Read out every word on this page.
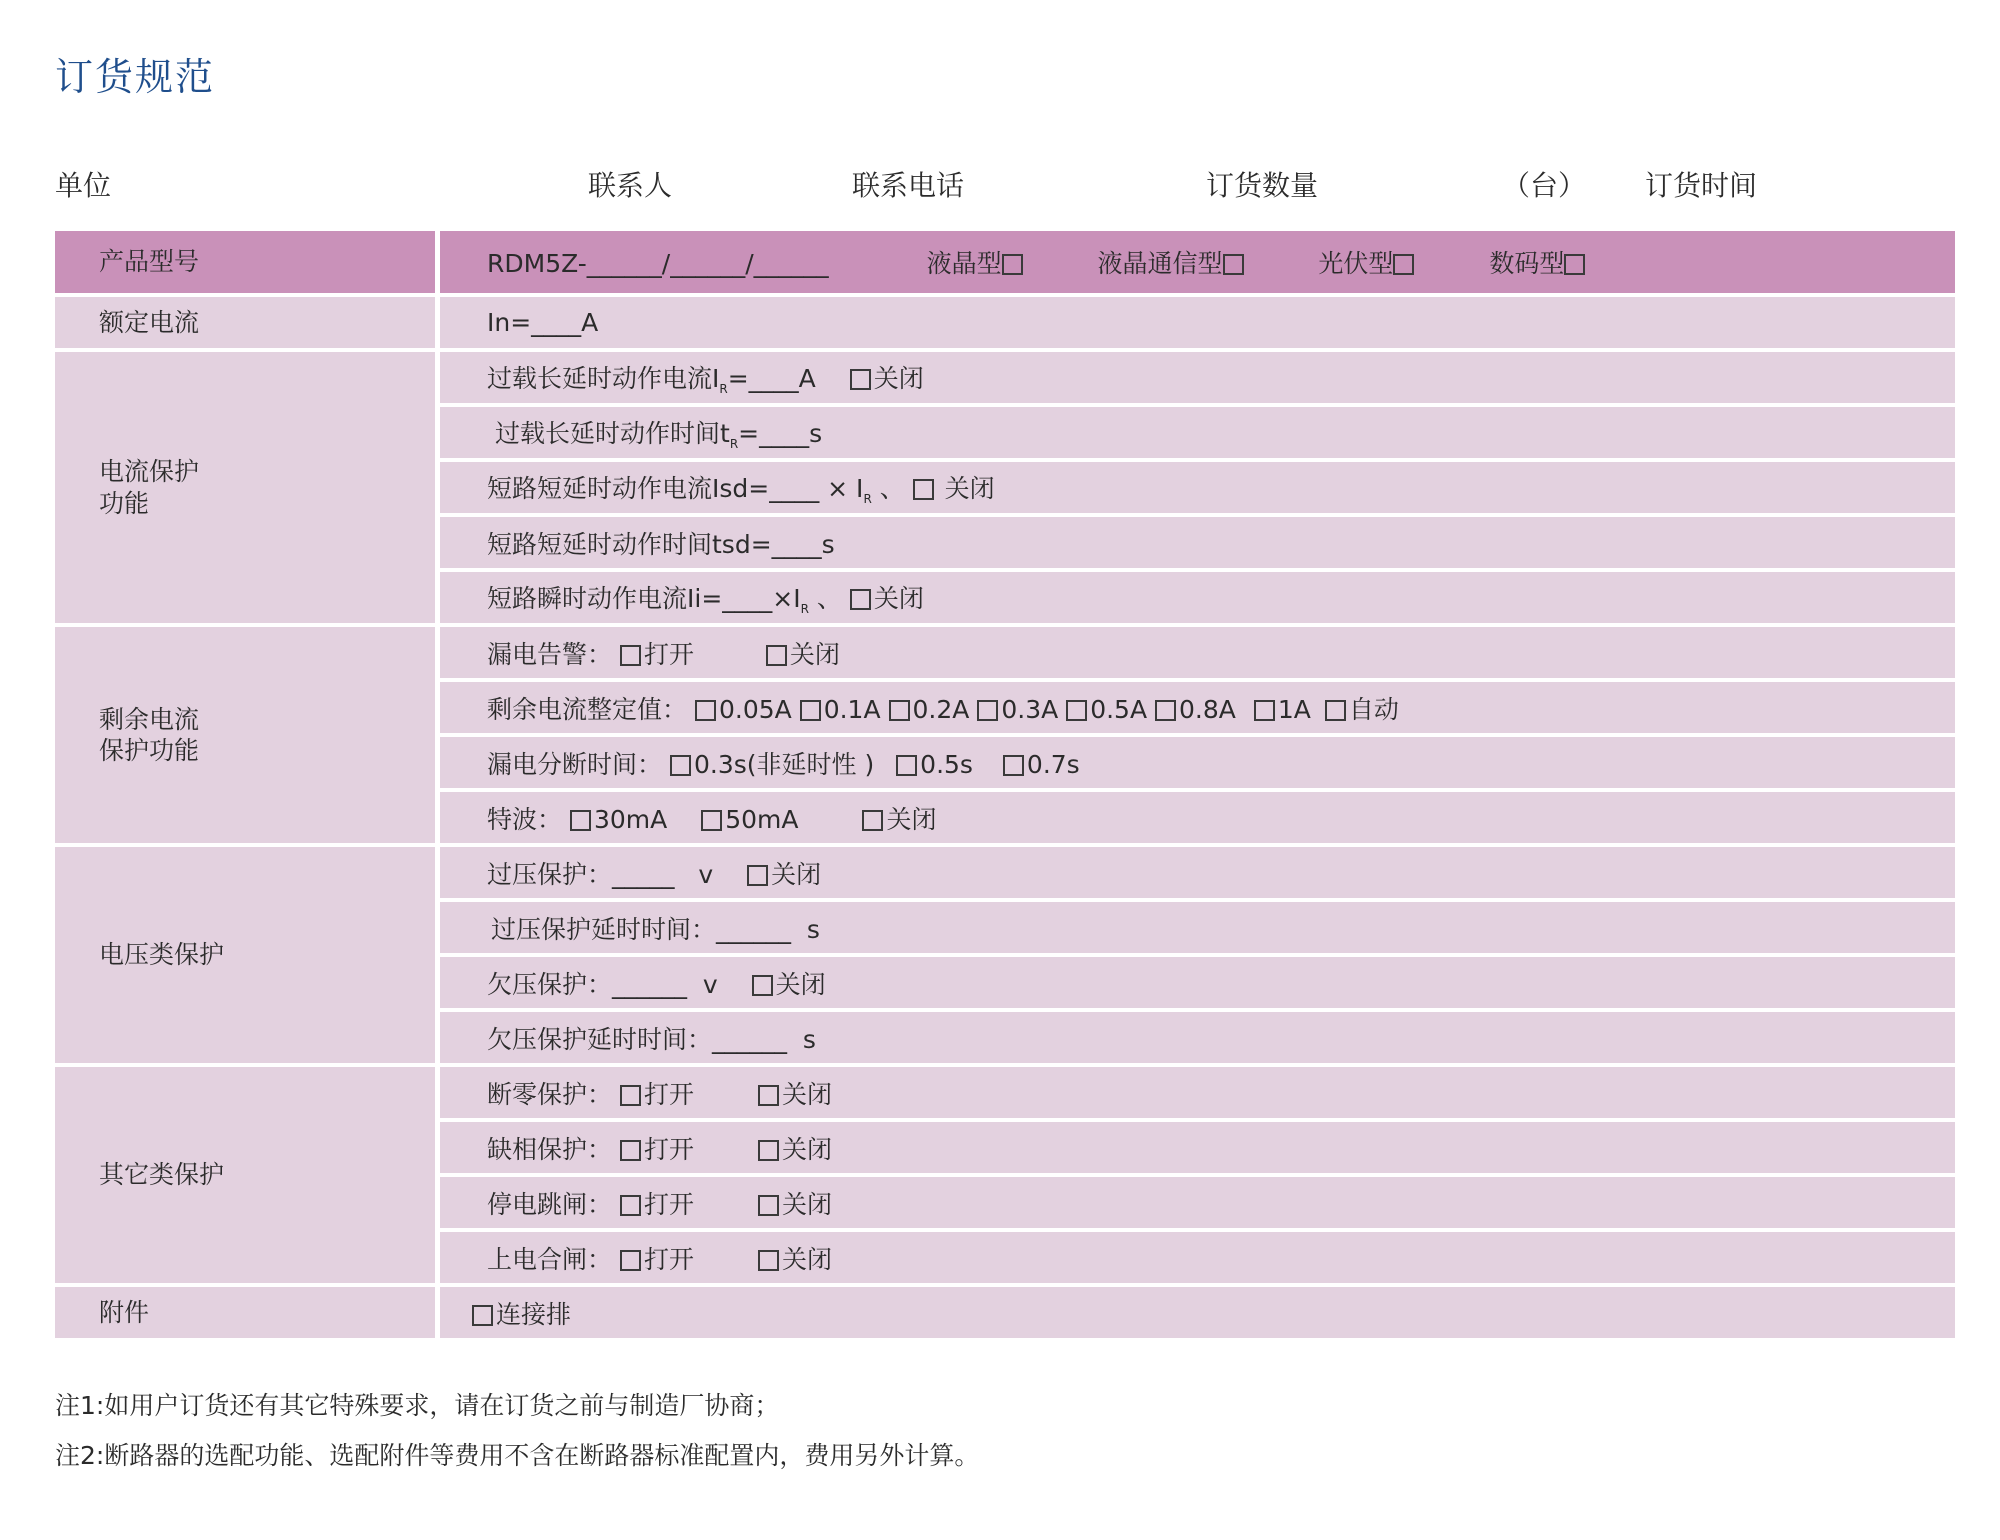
订货规范
单位	联系人	联系电话	订货数量	（台） 订货时间
产品型号	RDM5Z-______/______/______ 液晶型 液晶通信型 光伏型 数码型
额定电流	In=____A
电流保护
功能	过载长延时动作电流$I_R=\_\_\_\_A$ 关闭
	过载长延时动作时间$t_R=\_\_\_\_s$
	短路短延时动作电流Isd=____ × $I_R$ 、  关闭
	短路短延时动作时间tsd=____s
	短路瞬时动作电流$Ii=\_\_\_\_\times I_R$ 、 关闭
剩余电流
保护功能	漏电告警： 打开 关闭
	剩余电流整定值： 0.05A 0.1A 0.2A 0.3A 0.5A 0.8A 1A 自动
	漏电分断时间： 0.3s(非延时性 ) 0.5s 0.7s
	特波： 30mA 50mA 关闭
电压类保护	过压保护：_____   v 关闭
	过压保护延时时间：______  s
	欠压保护：______  v 关闭
	欠压保护延时时间：______  s
其它类保护	断零保护： 打开 关闭
	缺相保护： 打开 关闭
	停电跳闸： 打开 关闭
	上电合闸： 打开 关闭
附件	连接排
注1:如用户订货还有其它特殊要求，请在订货之前与制造厂协商；
注2:断路器的选配功能、选配附件等费用不含在断路器标准配置内，费用另外计算。
